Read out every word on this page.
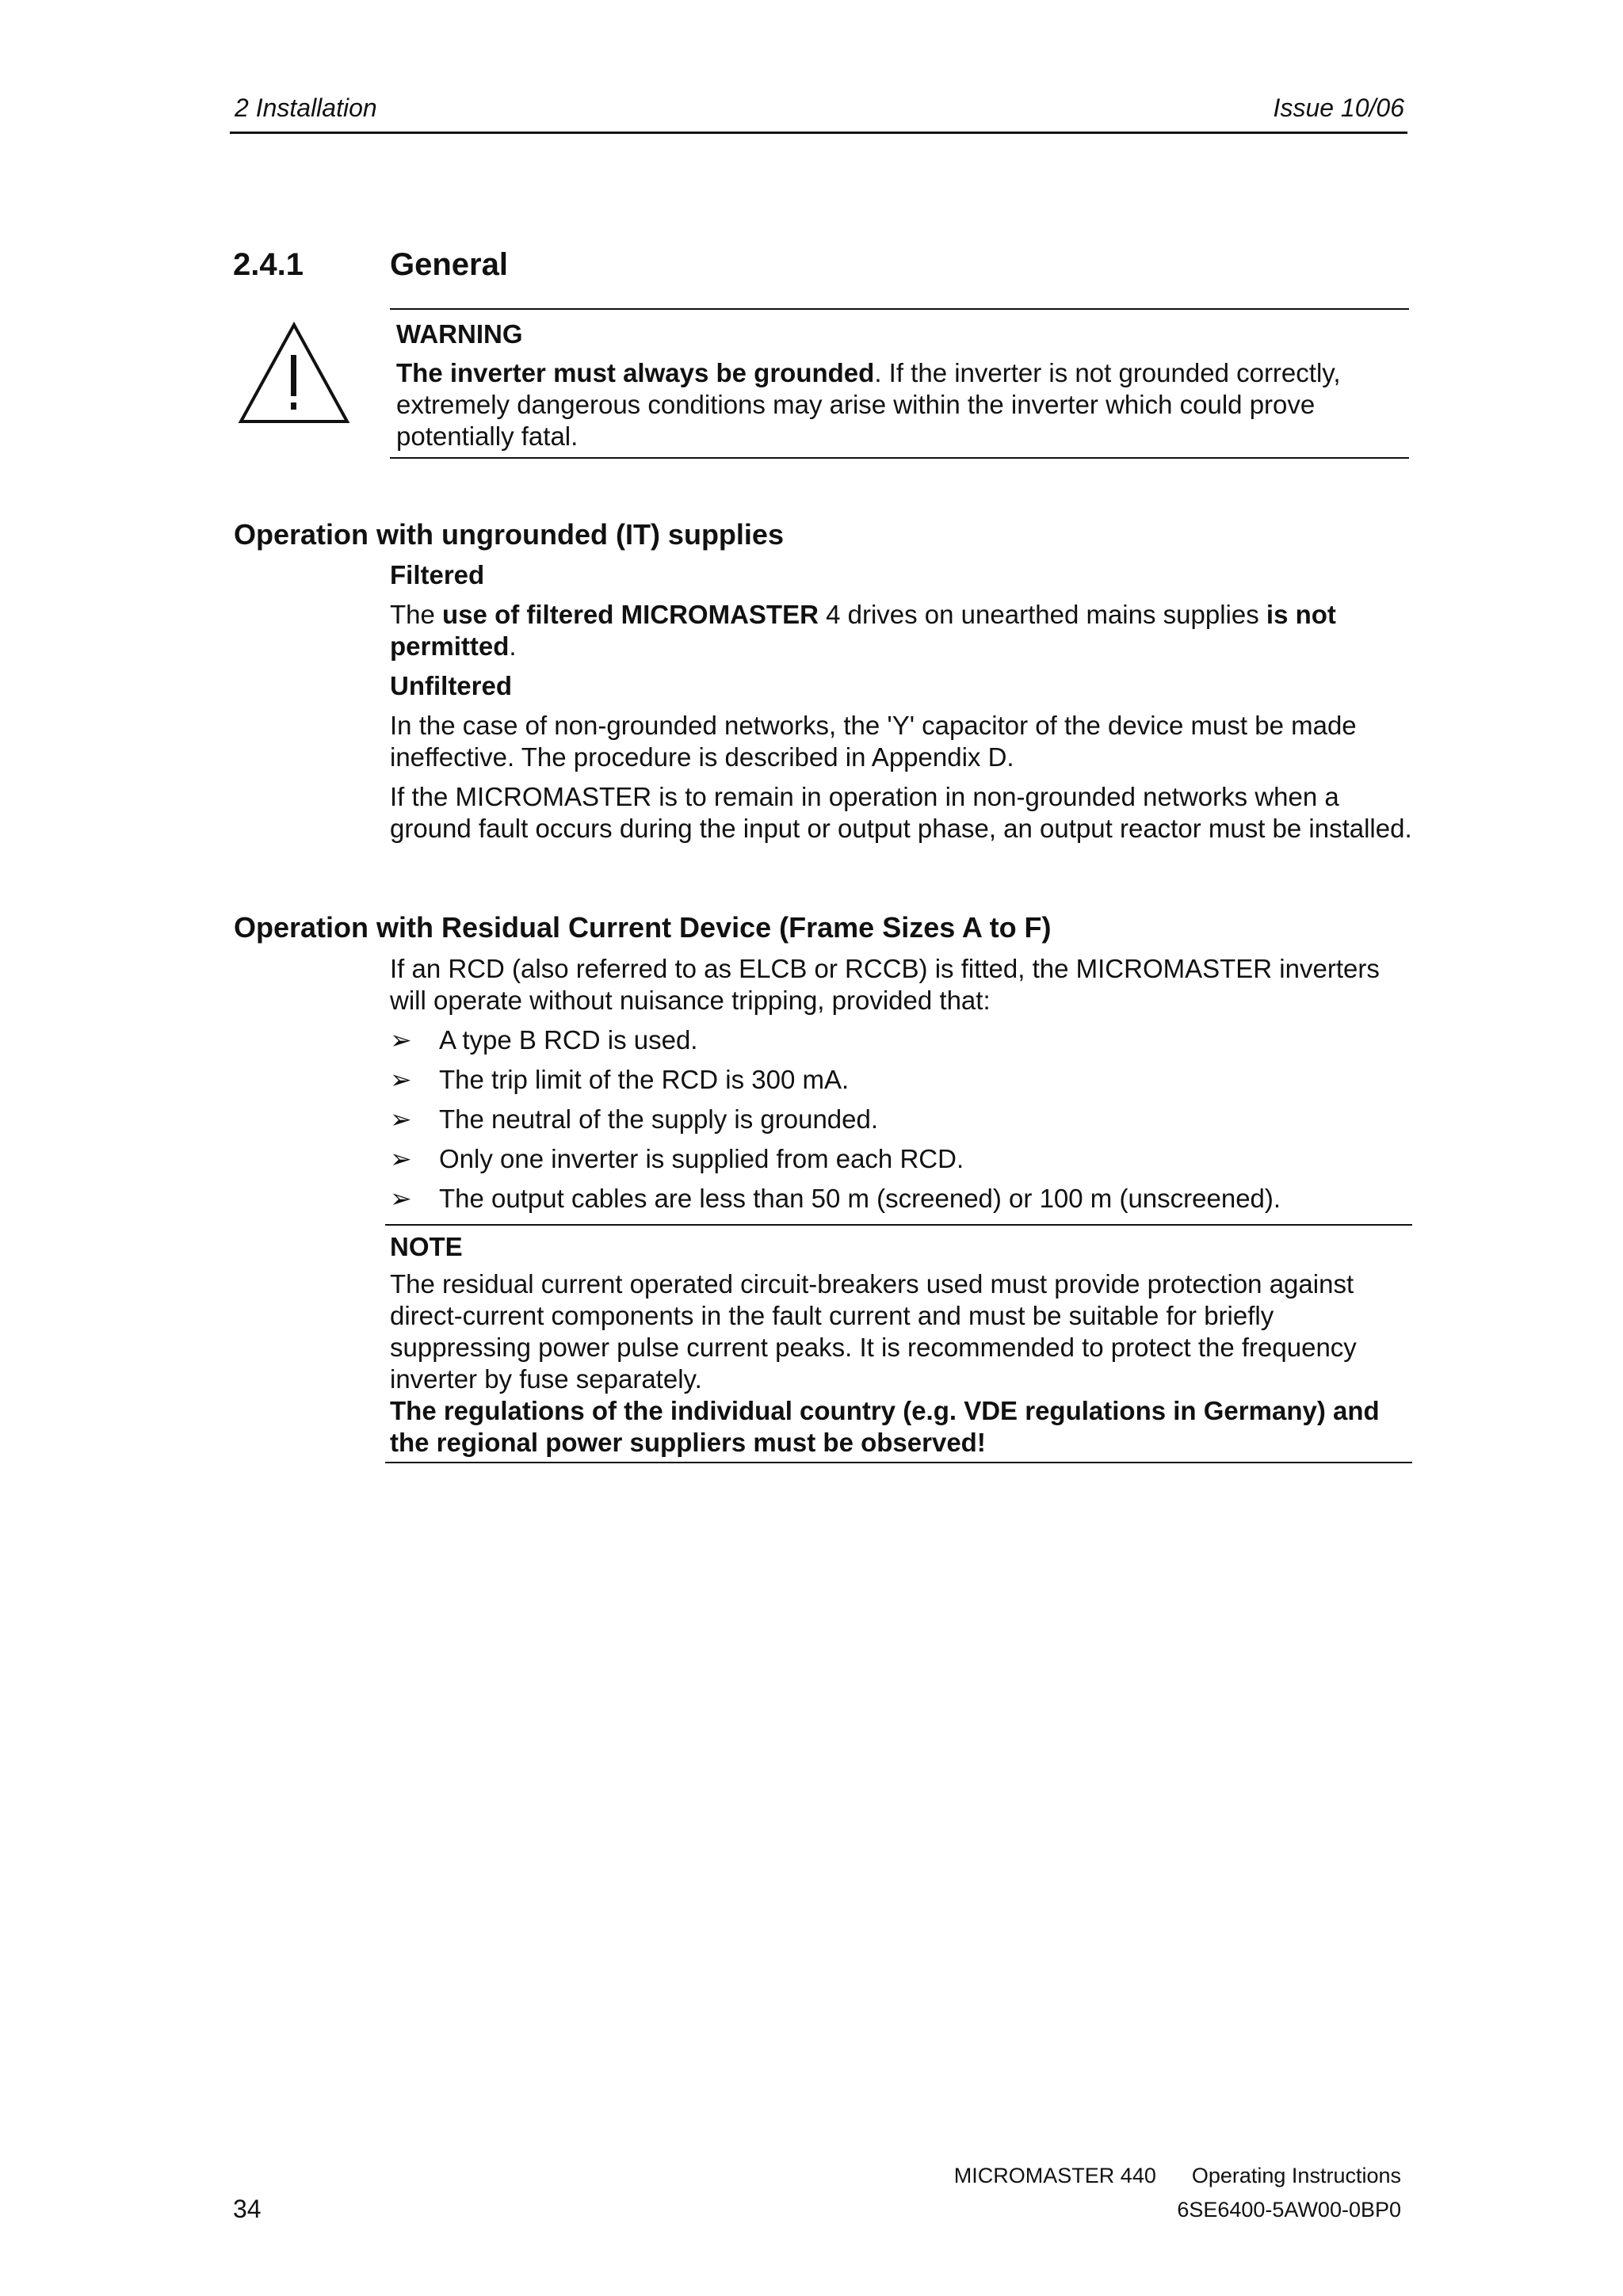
2 Installation	Issue 10/06
2.4.1	General

WARNING

The inverter must always be grounded. If the inverter is not grounded correctly, extremely dangerous conditions may arise within the inverter which could prove potentially fatal.

Operation with ungrounded (IT) supplies

Filtered

The use of filtered MICROMASTER 4 drives on unearthed mains supplies is not permitted.

Unfiltered

In the case of non-grounded networks, the 'Y' capacitor of the device must be made ineffective. The procedure is described in Appendix D.

If the MICROMASTER is to remain in operation in non-grounded networks when a ground fault occurs during the input or output phase, an output reactor must be installed.

Operation with Residual Current Device (Frame Sizes A to F)

If an RCD (also referred to as ELCB or RCCB) is fitted, the MICROMASTER inverters will operate without nuisance tripping, provided that:

➢ A type B RCD is used.
➢ The trip limit of the RCD is 300 mA.
➢ The neutral of the supply is grounded.
➢ Only one inverter is supplied from each RCD.
➢ The output cables are less than 50 m (screened) or 100 m (unscreened).

NOTE

The residual current operated circuit-breakers used must provide protection against direct-current components in the fault current and must be suitable for briefly suppressing power pulse current peaks. It is recommended to protect the frequency inverter by fuse separately.

The regulations of the individual country (e.g. VDE regulations in Germany) and the regional power suppliers must be observed!

34
MICROMASTER 440      Operating Instructions
6SE6400-5AW00-0BP0
